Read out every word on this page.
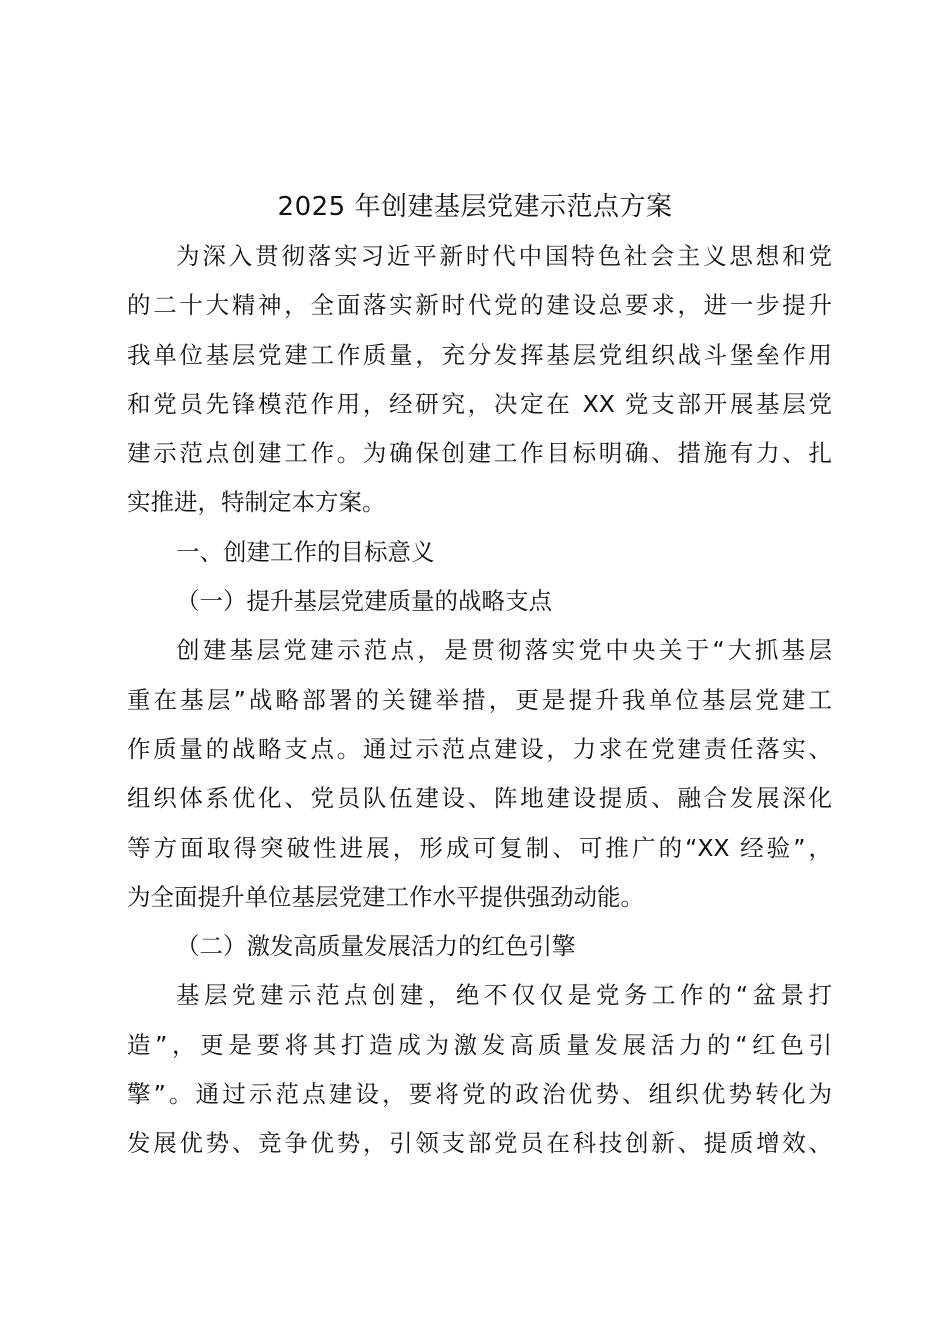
2025 年创建基层党建示范点方案
为深入贯彻落实习近平新时代中国特色社会主义思想和党
的二十大精神，全面落实新时代党的建设总要求，进一步提升
我单位基层党建工作质量，充分发挥基层党组织战斗堡垒作用
和党员先锋模范作用，经研究，决定在 XX 党支部开展基层党
建示范点创建工作。为确保创建工作目标明确、措施有力、扎
实推进，特制定本方案。
一、创建工作的目标意义
（一）提升基层党建质量的战略支点
创建基层党建示范点，是贯彻落实党中央关于“大抓基层
重在基层”战略部署的关键举措，更是提升我单位基层党建工
作质量的战略支点。通过示范点建设，力求在党建责任落实、
组织体系优化、党员队伍建设、阵地建设提质、融合发展深化
等方面取得突破性进展，形成可复制、可推广的“XX 经验”，
为全面提升单位基层党建工作水平提供强劲动能。
（二）激发高质量发展活力的红色引擎
基层党建示范点创建，绝不仅仅是党务工作的“盆景打
造”，更是要将其打造成为激发高质量发展活力的“红色引
擎”。通过示范点建设，要将党的政治优势、组织优势转化为
发展优势、竞争优势，引领支部党员在科技创新、提质增效、
